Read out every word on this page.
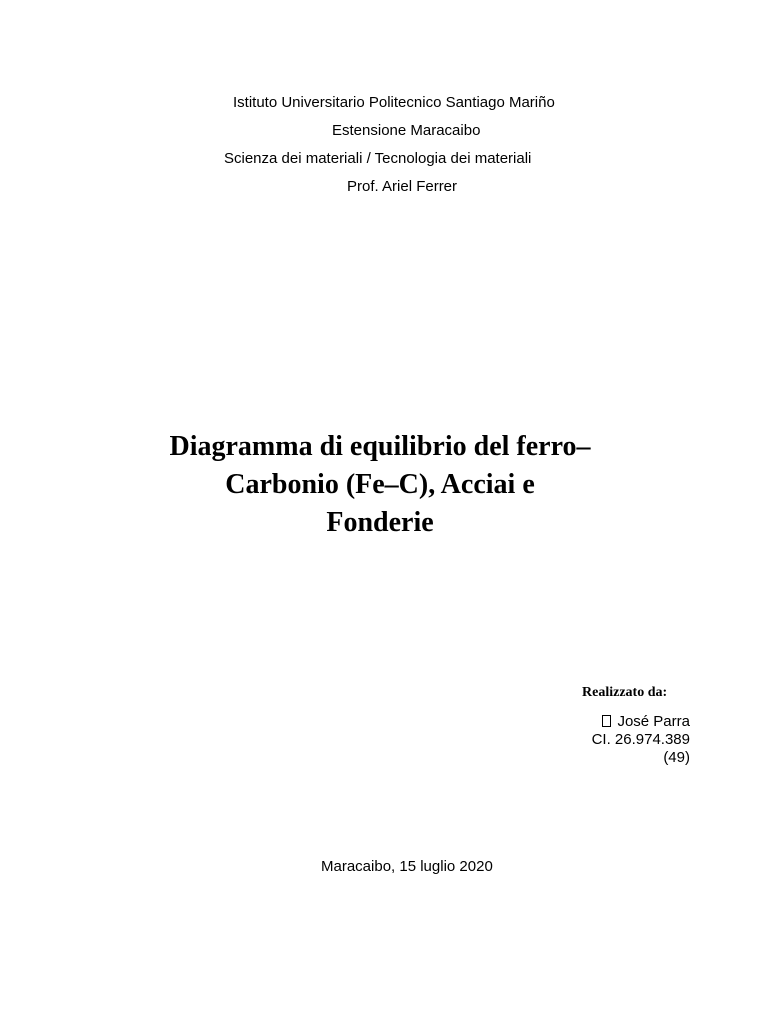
Istituto Universitario Politecnico Santiago Mariño
Estensione Maracaibo
Scienza dei materiali / Tecnologia dei materiali
Prof. Ariel Ferrer
Diagramma di equilibrio del ferro–
Carbonio (Fe–C), Acciai e
Fonderie
Realizzato da:
José Parra
CI. 26.974.389
(49)
Maracaibo, 15 luglio 2020
